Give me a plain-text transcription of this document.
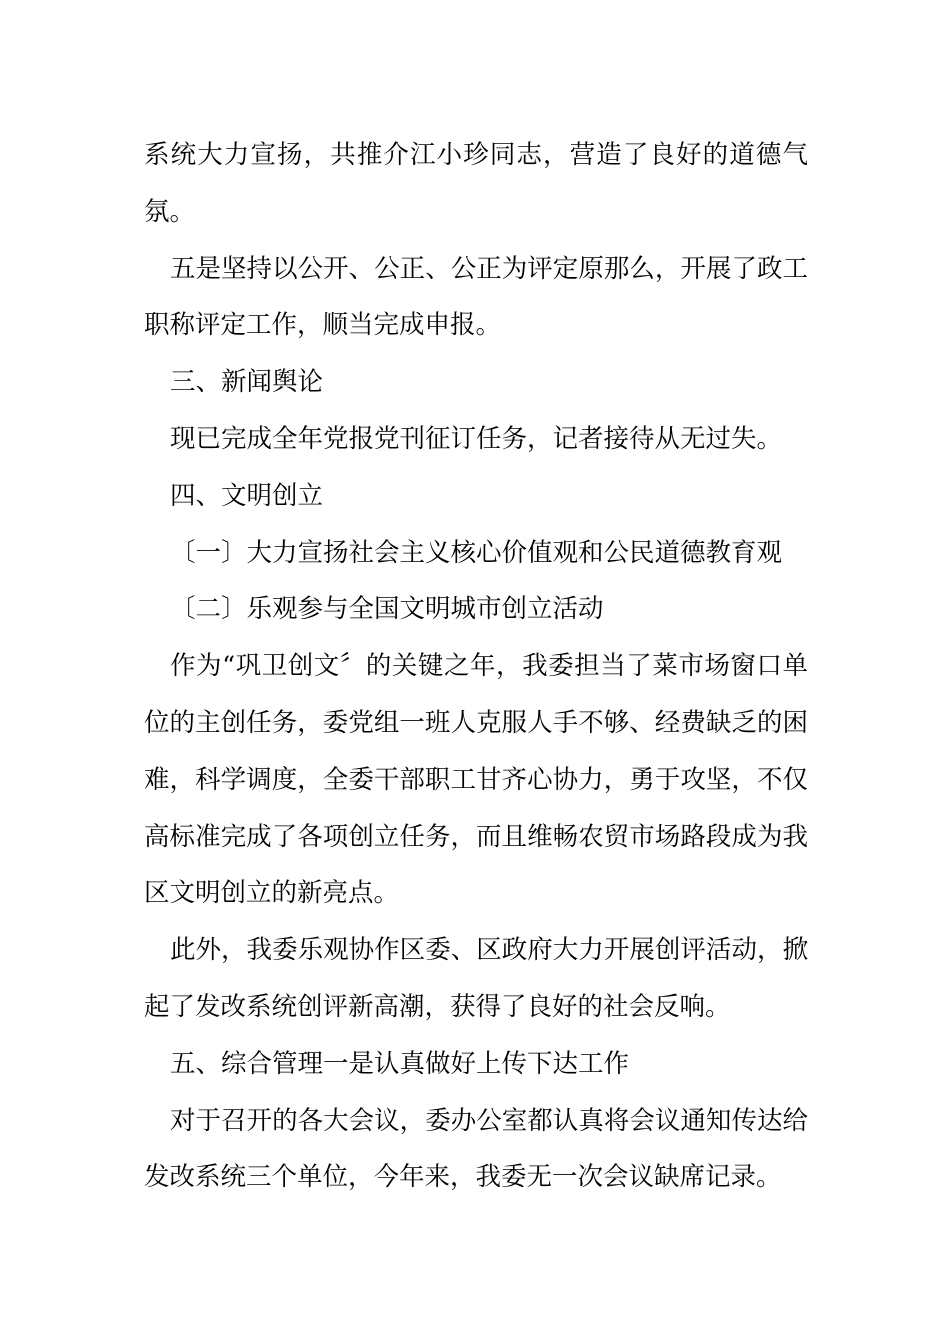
系统大力宣扬，共推介江小珍同志，营造了良好的道德气氛。

五是坚持以公开、公正、公正为评定原那么，开展了政工职称评定工作，顺当完成申报。

三、新闻舆论

现已完成全年党报党刊征订任务，记者接待从无过失。

四、文明创立

〔一〕大力宣扬社会主义核心价值观和公民道德教育观

〔二〕乐观参与全国文明城市创立活动

作为“巩卫创文〞的关键之年，我委担当了菜市场窗口单位的主创任务，委党组一班人克服人手不够、经费缺乏的困难，科学调度，全委干部职工甘齐心协力，勇于攻坚，不仅高标准完成了各项创立任务，而且维畅农贸市场路段成为我区文明创立的新亮点。

此外，我委乐观协作区委、区政府大力开展创评活动，掀起了发改系统创评新高潮，获得了良好的社会反响。

五、综合管理一是认真做好上传下达工作

对于召开的各大会议，委办公室都认真将会议通知传达给发改系统三个单位，今年来，我委无一次会议缺席记录。
